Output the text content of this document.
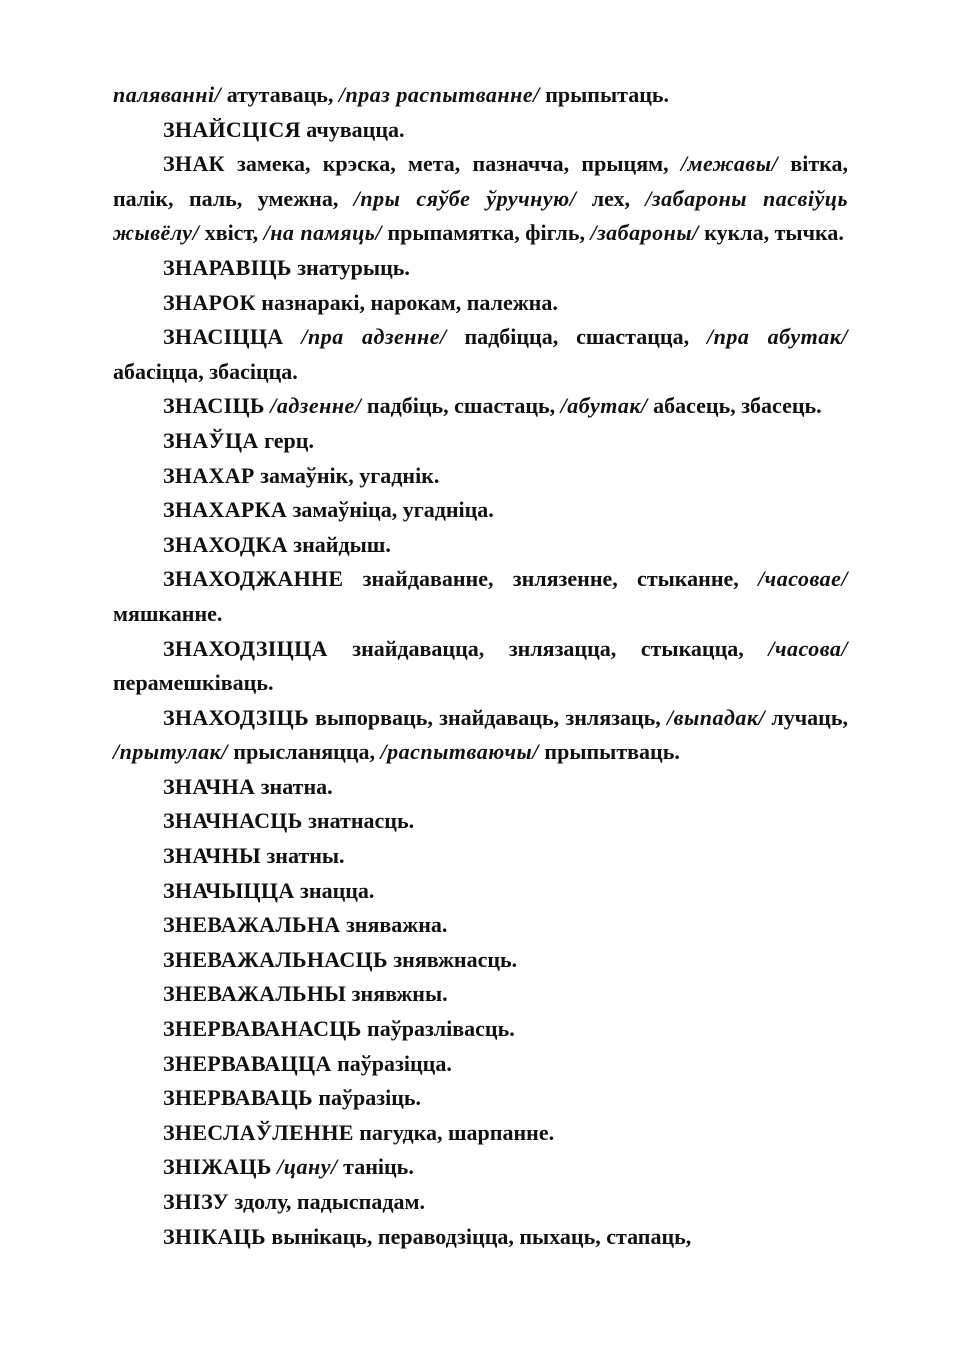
паляванні/ атутаваць, /праз распытванне/ прыпытаць.

ЗНАЙСЦІСЯ ачувацца.

ЗНАК замека, крэска, мета, пазначча, прыцям, /межавы/ вітка, палік, паль, умежна, /пры сяўбе ўручную/ лех, /забароны пасвіўць жывёлу/ хвіст, /на памяць/ прыпамятка, фігль, /забароны/ кукла, тычка.

ЗНАРАВІЦЬ знатурыць.

ЗНАРОК назнаракі, нарокам, палежна.

ЗНАСІЦЦА /пра адзенне/ падбіцца, сшастацца, /пра абутак/ абасіцца, збасіцца.

ЗНАСІЦЬ /адзенне/ падбіць, сшастаць, /абутак/ абасець, збасець.

ЗНАЎЦА герц.

ЗНАХАР замаўнік, угаднік.

ЗНАХАРКА замаўніца, угадніца.

ЗНАХОДКА знайдыш.

ЗНАХОДЖАННЕ знайдаванне, знлязенне, стыканне, /часовае/ мяшканне.

ЗНАХОДЗІЦЦА знайдавацца, знлязацца, стыкацца, /часова/ перамешківаць.

ЗНАХОДЗІЦЬ выпорваць, знайдаваць, знлязаць, /выпадак/ лучаць, /прытулак/ прысланяцца, /распытваючы/ прыпытваць.

ЗНАЧНА знатна.

ЗНАЧНАСЦЬ знатнасць.

ЗНАЧНЫ знатны.

ЗНАЧЫЦЦА знацца.

ЗНЕВАЖАЛЬНА зняважна.

ЗНЕВАЖАЛЬНАСЦЬ знявжнасць.

ЗНЕВАЖАЛЬНЫ знявжны.

ЗНЕРВАВАНАСЦЬ паўразлівасць.

ЗНЕРВАВАЦЦА паўразіцца.

ЗНЕРВАВАЦЬ паўразіць.

ЗНЕСЛАЎЛЕННЕ пагудка, шарпанне.

ЗНІЖАЦЬ /цану/ таніць.

ЗНІЗУ здолу, падыспадам.

ЗНІКАЦЬ вынікаць, пераводзіцца, пыхаць, стапаць,
